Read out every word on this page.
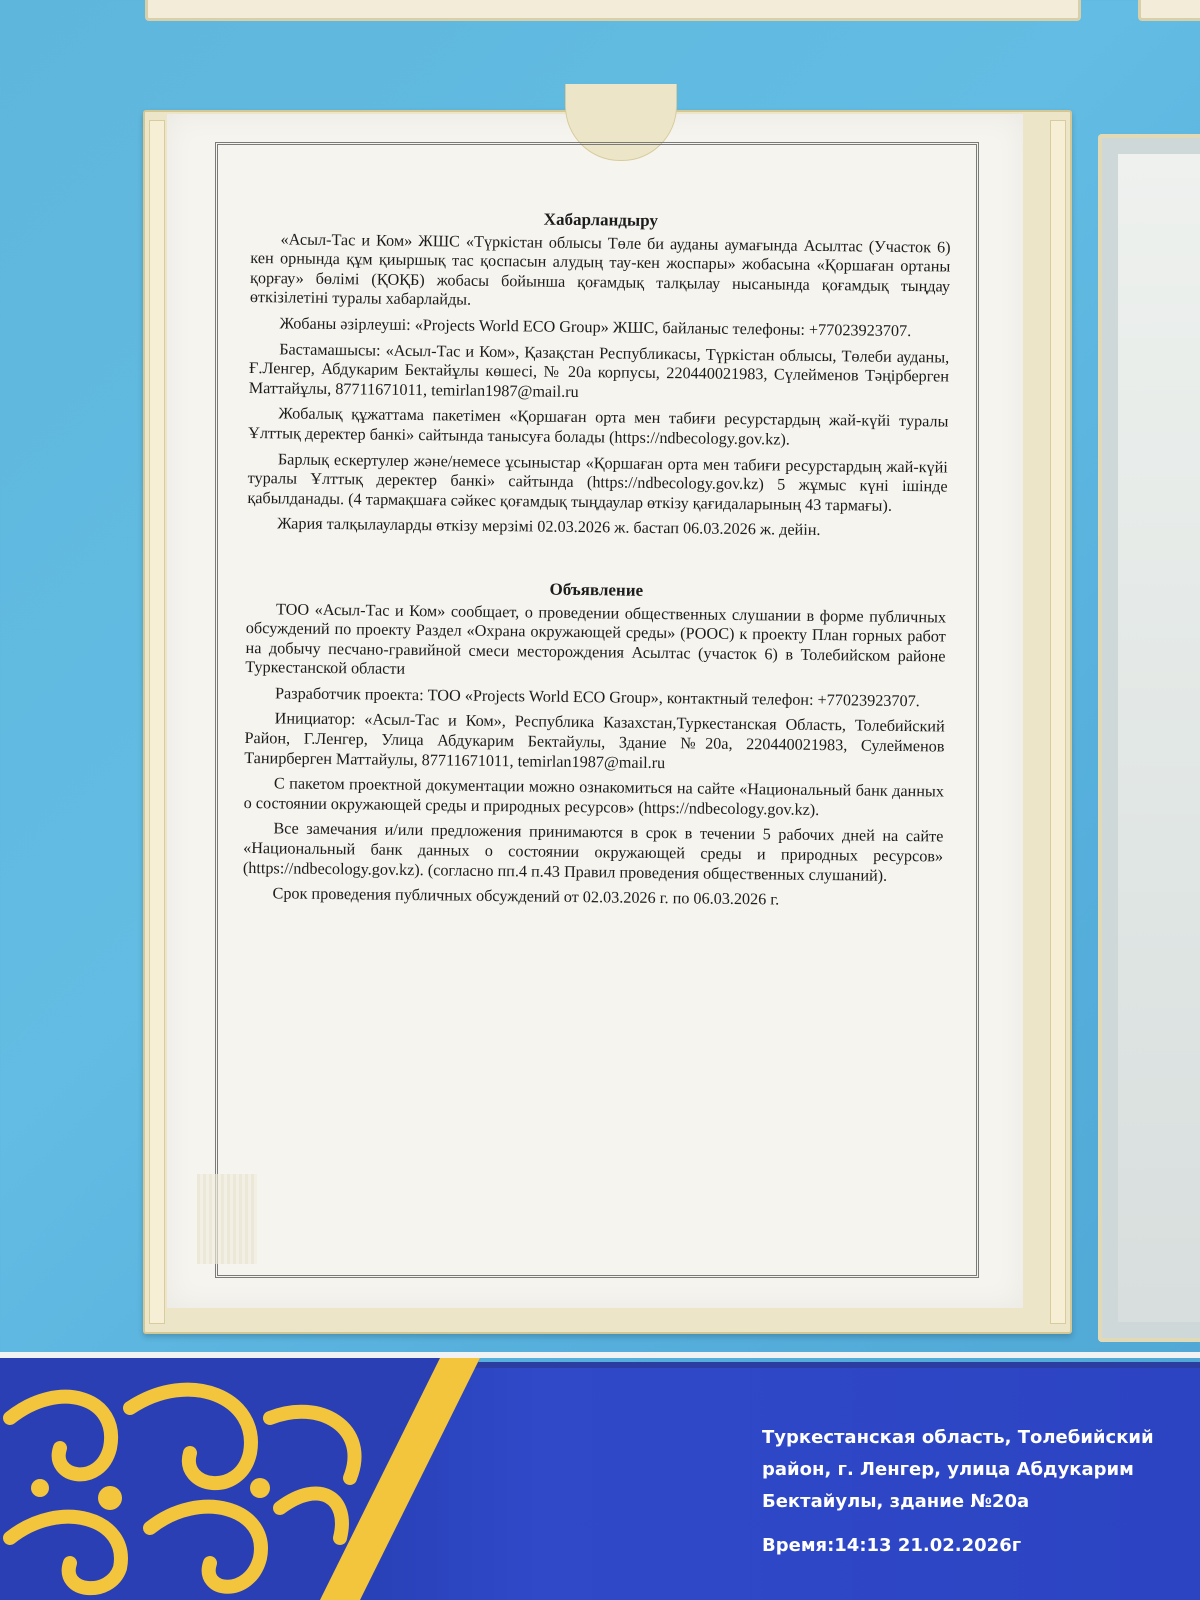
Хабарландыру

«Асыл-Тас и Ком» ЖШС «Түркістан облысы Төле би ауданы аумағында Асылтас (Участок 6) кен орнында құм қиыршық тас қоспасын алудың тау-кен жоспары» жобасына «Қоршаған ортаны қорғау» бөлімі (ҚОҚБ) жобасы бойынша қоғамдық талқылау нысанында қоғамдық тыңдау өткізілетіні туралы хабарлайды.

Жобаны әзірлеуші: «Projects World ECO Group» ЖШС, байланыс телефоны: +77023923707.

Бастамашысы: «Асыл-Тас и Ком», Қазақстан Республикасы, Түркістан облысы, Төлеби ауданы, Ғ.Ленгер, Абдукарим Бектайұлы көшесі, № 20а корпусы, 220440021983, Сүлейменов Тәңірберген Маттайұлы, 87711671011, temirlan1987@mail.ru

Жобалық құжаттама пакетімен «Қоршаған орта мен табиғи ресурстардың жай-күйі туралы Ұлттық деректер банкі» сайтында танысуға болады (https://ndbecology.gov.kz).

Барлық ескертулер және/немесе ұсыныстар «Қоршаған орта мен табиғи ресурстардың жай-күйі туралы Ұлттық деректер банкі» сайтында (https://ndbecology.gov.kz) 5 жұмыс күні ішінде қабылданады. (4 тармақшаға сәйкес қоғамдық тыңдаулар өткізу қағидаларының 43 тармағы).

Жария талқылауларды өткізу мерзімі 02.03.2026 ж. бастап 06.03.2026 ж. дейін.

Объявление

ТОО «Асыл-Тас и Ком» сообщает, о проведении общественных слушании в форме публичных обсуждений по проекту Раздел «Охрана окружающей среды» (РООС) к проекту План горных работ на добычу песчано-гравийной смеси месторождения Асылтас (участок 6) в Толебийском районе Туркестанской области

Разработчик проекта: ТОО «Projects World ECO Group», контактный телефон: +77023923707.

Инициатор: «Асыл-Тас и Ком», Республика Казахстан,Туркестанская Область, Толебийский Район, Г.Ленгер, Улица Абдукарим Бектайулы, Здание №20а, 220440021983, Сулейменов Танирберген Маттайулы, 87711671011, temirlan1987@mail.ru

С пакетом проектной документации можно ознакомиться на сайте «Национальный банк данных о состоянии окружающей среды и природных ресурсов» (https://ndbecology.gov.kz).

Все замечания и/или предложения принимаются в срок в течении 5 рабочих дней на сайте «Национальный банк данных о состоянии окружающей среды и природных ресурсов» (https://ndbecology.gov.kz). (согласно пп.4 п.43 Правил проведения общественных слушаний).

Срок проведения публичных обсуждений от 02.03.2026 г. по 06.03.2026 г.

Туркестанская область, Толебийский
район, г. Ленгер, улица Абдукарим
Бектайулы, здание №20а
Время:14:13 21.02.2026г
